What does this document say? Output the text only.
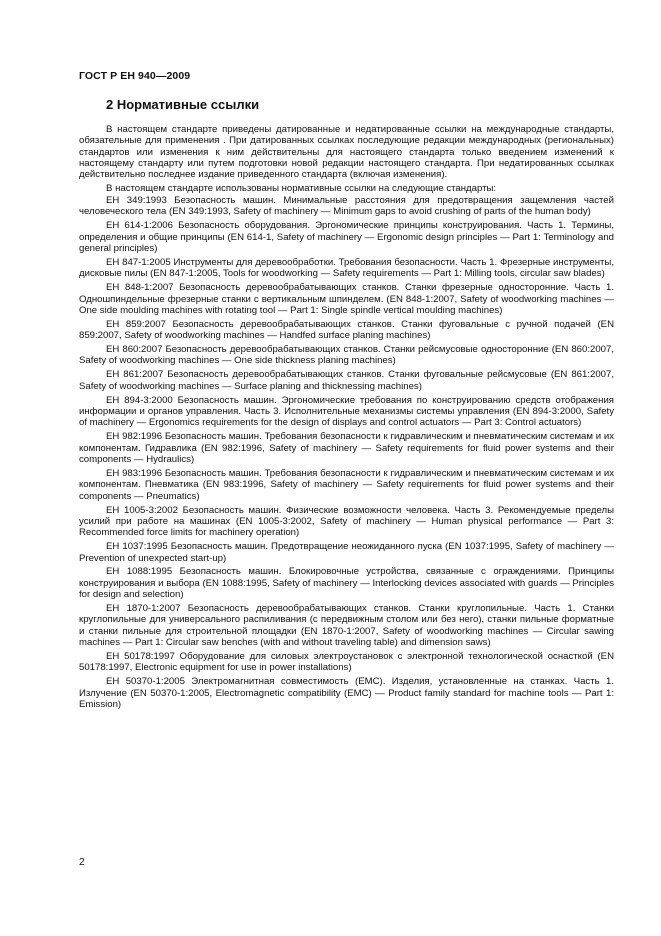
ГОСТ Р ЕН 940—2009
2 Нормативные ссылки

В настоящем стандарте приведены датированные и недатированные ссылки на международные стандарты, обязательные для применения . При датированных ссылках последующие редакции международных (региональных) стандартов или изменения к ним действительны для настоящего стандарта только введением изменений к настоящему стандарту или путем подготовки новой редакции настоящего стандарта. При недатированных ссылках действительно последнее издание приведенного стандарта (включая изменения).

В настоящем стандарте использованы нормативные ссылки на следующие стандарты:

ЕН 349:1993 Безопасность машин. Минимальные расстояния для предотвращения защемления частей человеческого тела (EN 349:1993, Safety of machinery — Minimum gaps to avoid crushing of parts of the human body)

ЕН 614-1:2006 Безопасность оборудования. Эргономические принципы конструирования. Часть 1. Термины, определения и общие принципы (EN 614-1, Safety of machinery — Ergonomic design principles — Part 1: Terminology and general principles)

ЕН 847-1:2005 Инструменты для деревообработки. Требования безопасности. Часть 1. Фрезерные инструменты, дисковые пилы (EN 847-1:2005, Tools for woodworking — Safety requirements — Part 1: Milling tools, circular saw blades)

ЕН 848-1:2007 Безопасность деревообрабатывающих станков. Станки фрезерные односторонние. Часть 1. Одношпиндельные фрезерные станки с вертикальным шпинделем. (EN 848-1:2007, Safety of woodworking machines — One side moulding machines with rotating tool — Part 1: Single spindle vertical moulding machines)

ЕН 859:2007 Безопасность деревообрабатывающих станков. Станки фуговальные с ручной подачей (EN 859:2007, Safety of woodworking machines — Handfed surface planing machines)

ЕН 860:2007 Безопасность деревообрабатывающих станков. Станки рейсмусовые односторонние (EN 860:2007, Safety of woodworking machines — One side thickness planing machines)

ЕН 861:2007 Безопасность деревообрабатывающих станков. Станки фуговальные рейсмусовые (EN 861:2007, Safety of woodworking machines — Surface planing and thicknessing machines)

ЕН 894-3:2000 Безопасность машин. Эргономические требования по конструированию средств отображения информации и органов управления. Часть 3. Исполнительные механизмы системы управления (EN 894-3:2000, Safety of machinery — Ergonomics requirements for the design of displays and control actuators — Part 3: Control actuators)

ЕН 982:1996 Безопасность машин. Требования безопасности к гидравлическим и пневматическим системам и их компонентам. Гидравлика (EN 982:1996, Safety of machinery — Safety requirements for fluid power systems and their components — Hydraulics)

ЕН 983:1996 Безопасность машин. Требования безопасности к гидравлическим и пневматическим системам и их компонентам. Пневматика (EN 983:1996, Safety of machinery — Safety requirements for fluid power systems and their components — Pneumatics)

ЕН 1005-3:2002 Безопасность машин. Физические возможности человека. Часть 3. Рекомендуемые пределы усилий при работе на машинах (EN 1005-3:2002, Safety of machinery — Human physical performance — Part 3: Recommended force limits for machinery operation)

ЕН 1037:1995 Безопасность машин. Предотвращение неожиданного пуска (EN 1037:1995, Safety of machinery — Prevention of unexpected start-up)

ЕН 1088:1995 Безопасность машин. Блокировочные устройства, связанные с ограждениями. Принципы конструирования и выбора (EN 1088:1995, Safety of machinery — Interlocking devices associated with guards — Principles for design and selection)

ЕН 1870-1:2007 Безопасность деревообрабатывающих станков. Станки круглопильные. Часть 1. Станки круглопильные для универсального распиливания (с передвижным столом или без него), станки пильные форматные и станки пильные для строительной площадки (EN 1870-1:2007, Safety of woodworking machines — Circular sawing machines — Part 1: Circular saw benches (with and without traveling table) and dimension saws)

ЕН 50178:1997 Оборудование для силовых электроустановок с электронной технологической оснасткой (EN 50178:1997, Electronic equipment for use in power installations)

ЕН 50370-1:2005 Электромагнитная совместимость (EMC). Изделия, установленные на станках. Часть 1. Излучение (EN 50370-1:2005, Electromagnetic compatibility (EMC) — Product family standard for machine tools — Part 1: Emission)

2
